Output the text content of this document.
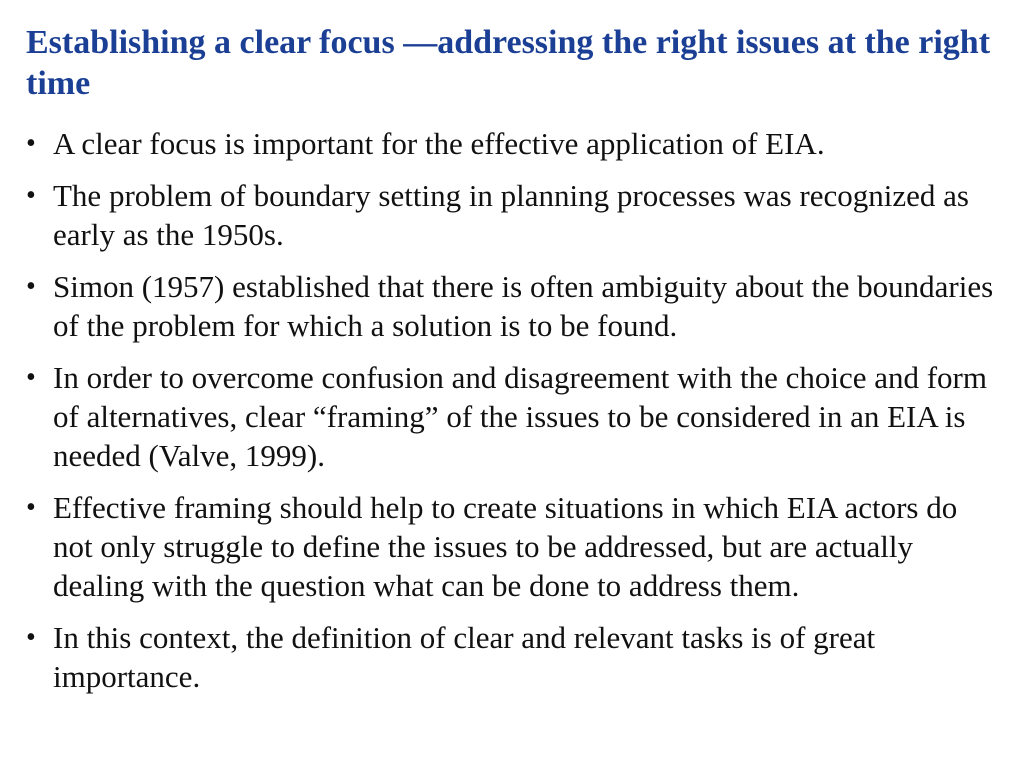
Establishing a clear focus —addressing the right issues at the right time
• A clear focus is important for the effective application of EIA.
• The problem of boundary setting in planning processes was recognized as early as the 1950s.
• Simon (1957) established that there is often ambiguity about the boundaries of the problem for which a solution is to be found.
• In order to overcome confusion and disagreement with the choice and form of alternatives, clear “framing” of the issues to be considered in an EIA is needed (Valve, 1999).
• Effective framing should help to create situations in which EIA actors do not only struggle to define the issues to be addressed, but are actually dealing with the question what can be done to address them.
• In this context, the definition of clear and relevant tasks is of great importance.
